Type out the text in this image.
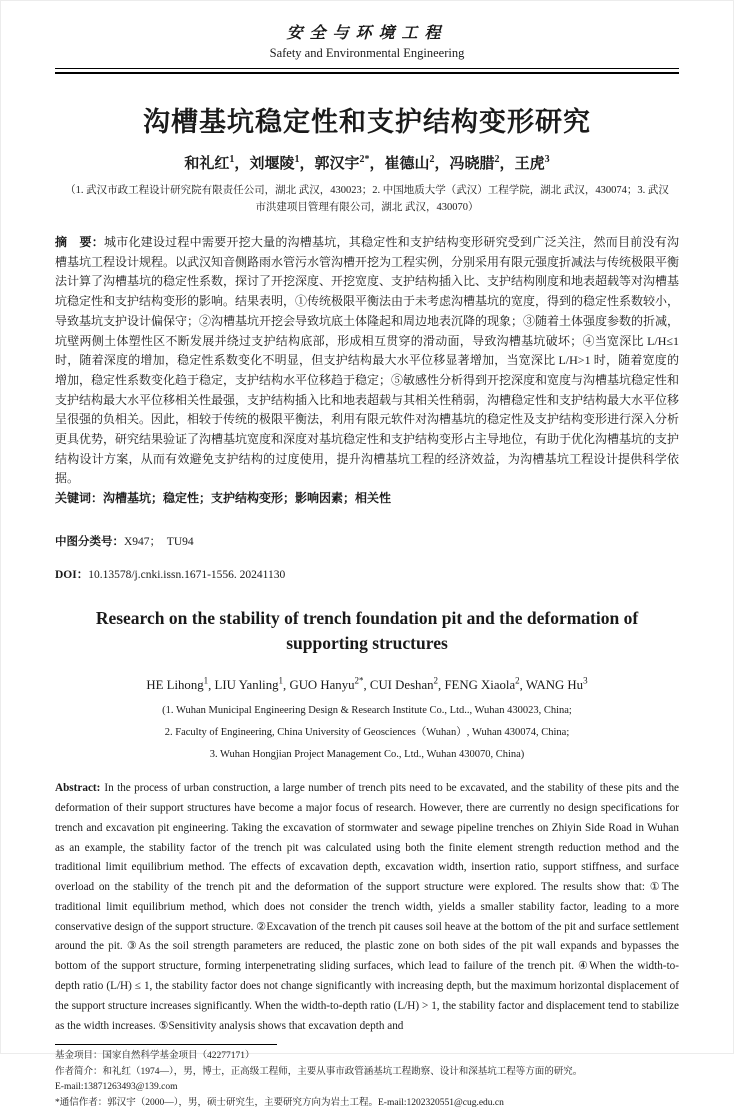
安全与环境工程
Safety and Environmental Engineering
沟槽基坑稳定性和支护结构变形研究
和礼红$^1$，刘堰陵$^1$，郭汉宇$^{2*}$，崔德山$^2$，冯晓腊$^2$，王虎$^3$
（1. 武汉市政工程设计研究院有限责任公司，湖北 武汉，430023；2. 中国地质大学（武汉）工程学院，湖北 武汉，430074；3. 武汉市洪建项目管理有限公司，湖北 武汉，430070）

摘　要：城市化建设过程中需要开挖大量的沟槽基坑，其稳定性和支护结构变形研究受到广泛关注，然而目前没有沟槽基坑工程设计规程。以武汉知音侧路雨水管污水管沟槽开挖为工程实例，分别采用有限元强度折减法与传统极限平衡法计算了沟槽基坑的稳定性系数，探讨了开挖深度、开挖宽度、支护结构插入比、支护结构刚度和地表超载等对沟槽基坑稳定性和支护结构变形的影响。结果表明，①传统极限平衡法由于未考虑沟槽基坑的宽度，得到的稳定性系数较小，导致基坑支护设计偏保守；②沟槽基坑开挖会导致坑底土体隆起和周边地表沉降的现象；③随着土体强度参数的折减，坑壁两侧土体塑性区不断发展并绕过支护结构底部，形成相互贯穿的滑动面，导致沟槽基坑破坏；④当宽深比 L/H≤1 时，随着深度的增加，稳定性系数变化不明显，但支护结构最大水平位移显著增加，当宽深比 L/H>1 时，随着宽度的增加，稳定性系数变化趋于稳定，支护结构水平位移趋于稳定；⑤敏感性分析得到开挖深度和宽度与沟槽基坑稳定性和支护结构最大水平位移相关性最强，支护结构插入比和地表超载与其相关性稍弱，沟槽稳定性和支护结构最大水平位移呈很强的负相关。因此，相较于传统的极限平衡法，利用有限元软件对沟槽基坑的稳定性及支护结构变形进行深入分析更具优势，研究结果验证了沟槽基坑宽度和深度对基坑稳定性和支护结构变形占主导地位，有助于优化沟槽基坑的支护结构设计方案，从而有效避免支护结构的过度使用，提升沟槽基坑工程的经济效益，为沟槽基坑工程设计提供科学依据。

关键词：沟槽基坑；稳定性；支护结构变形；影响因素；相关性

中图分类号：X947；　TU94

DOI：10.13578/j.cnki.issn.1671-1556. 20241130

Research on the stability of trench foundation pit and the deformation of supporting structures
HE Lihong$^1$, LIU Yanling$^1$, GUO Hanyu$^{2*}$, CUI Deshan$^2$, FENG Xiaola$^2$, WANG Hu$^3$
(1. Wuhan Municipal Engineering Design & Research Institute Co., Ltd.., Wuhan 430023, China;
2. Faculty of Engineering, China University of Geosciences（Wuhan）, Wuhan 430074, China;
3. Wuhan Hongjian Project Management Co., Ltd., Wuhan 430070, China)

Abstract: In the process of urban construction, a large number of trench pits need to be excavated, and the stability of these pits and the deformation of their support structures have become a major focus of research. However, there are currently no design specifications for trench and excavation pit engineering. Taking the excavation of stormwater and sewage pipeline trenches on Zhiyin Side Road in Wuhan as an example, the stability factor of the trench pit was calculated using both the finite element strength reduction method and the traditional limit equilibrium method. The effects of excavation depth, excavation width, insertion ratio, support stiffness, and surface overload on the stability of the trench pit and the deformation of the support structure were explored. The results show that: ①The traditional limit equilibrium method, which does not consider the trench width, yields a smaller stability factor, leading to a more conservative design of the support structure. ②Excavation of the trench pit causes soil heave at the bottom of the pit and surface settlement around the pit. ③As the soil strength parameters are reduced, the plastic zone on both sides of the pit wall expands and bypasses the bottom of the support structure, forming interpenetrating sliding surfaces, which lead to failure of the trench pit. ④When the width-to-depth ratio (L/H) ≤ 1, the stability factor does not change significantly with increasing depth, but the maximum horizontal displacement of the support structure increases significantly. When the width-to-depth ratio (L/H) > 1, the stability factor and displacement tend to stabilize as the width increases. ⑤Sensitivity analysis shows that excavation depth and

基金项目：国家自然科学基金项目（42277171）

作者简介：和礼红（1974—），男，博士，正高级工程师，主要从事市政管涵基坑工程勘察、设计和深基坑工程等方面的研究。

E-mail:13871263493@139.com

*通信作者：郭汉宇（2000—），男，硕士研究生，主要研究方向为岩土工程。E-mail:1202320551@cug.edu.cn
